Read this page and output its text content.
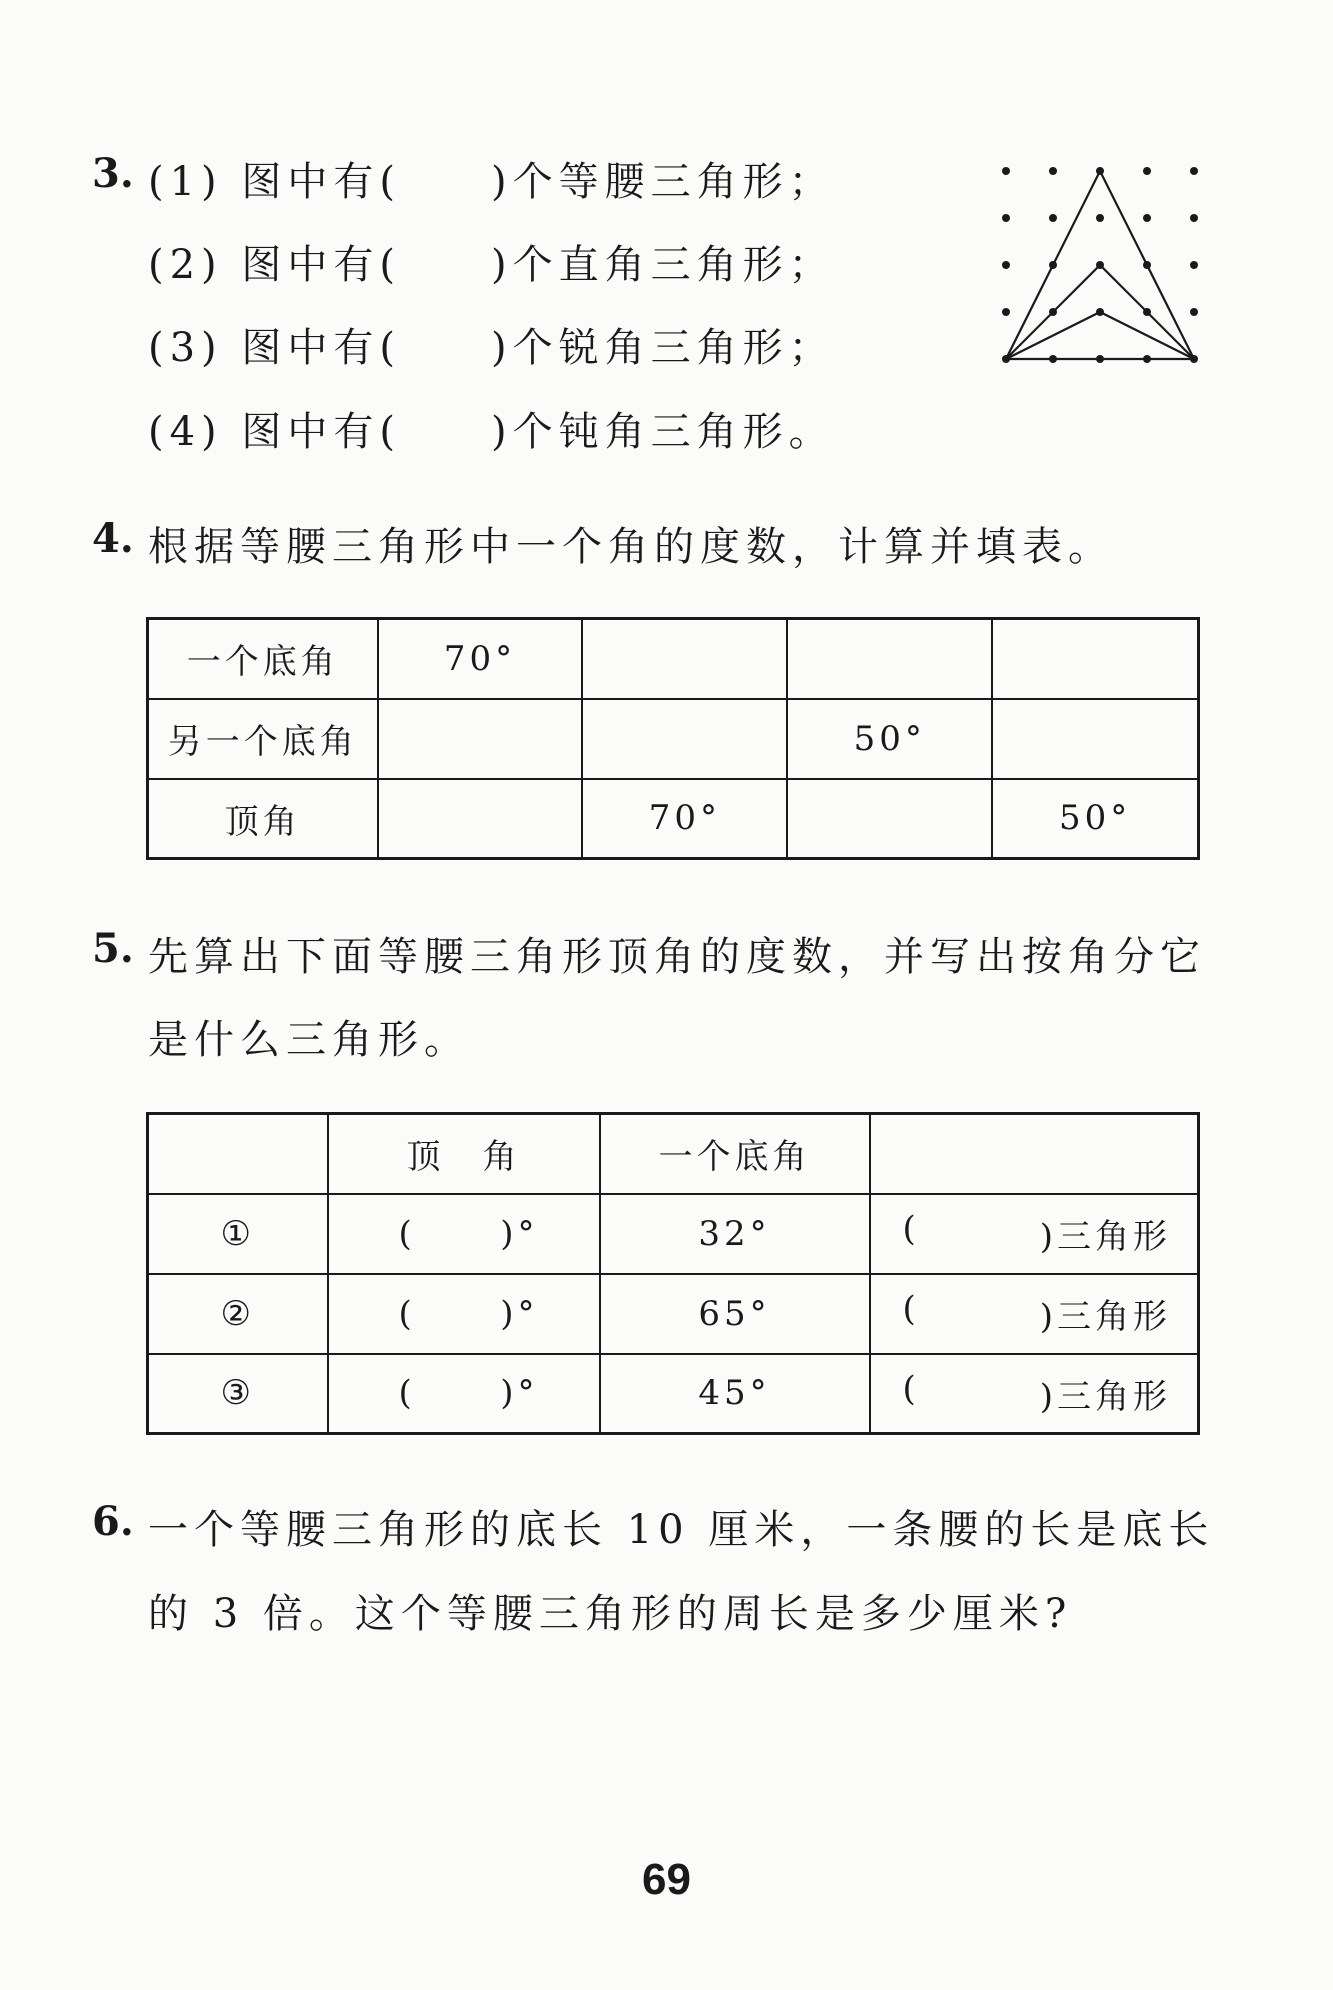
3. (1) 图中有( )个等腰三角形；
(2) 图中有( )个直角三角形；
(3) 图中有( )个锐角三角形；
(4) 图中有( )个钝角三角形。
4. 根据等腰三角形中一个角的度数，计算并填表。
一个底角	70°			
另一个底角			50°	
顶角		70°		50°
5. 先算出下面等腰三角形顶角的度数，并写出按角分它
是什么三角形。
	顶　角	一个底角	
①	( )°	32°	( )三角形

②	( )°	65°	( )三角形

③	( )°	45°	( )三角形
6. 一个等腰三角形的底长 10 厘米，一条腰的长是底长
的 3 倍。这个等腰三角形的周长是多少厘米?
69
